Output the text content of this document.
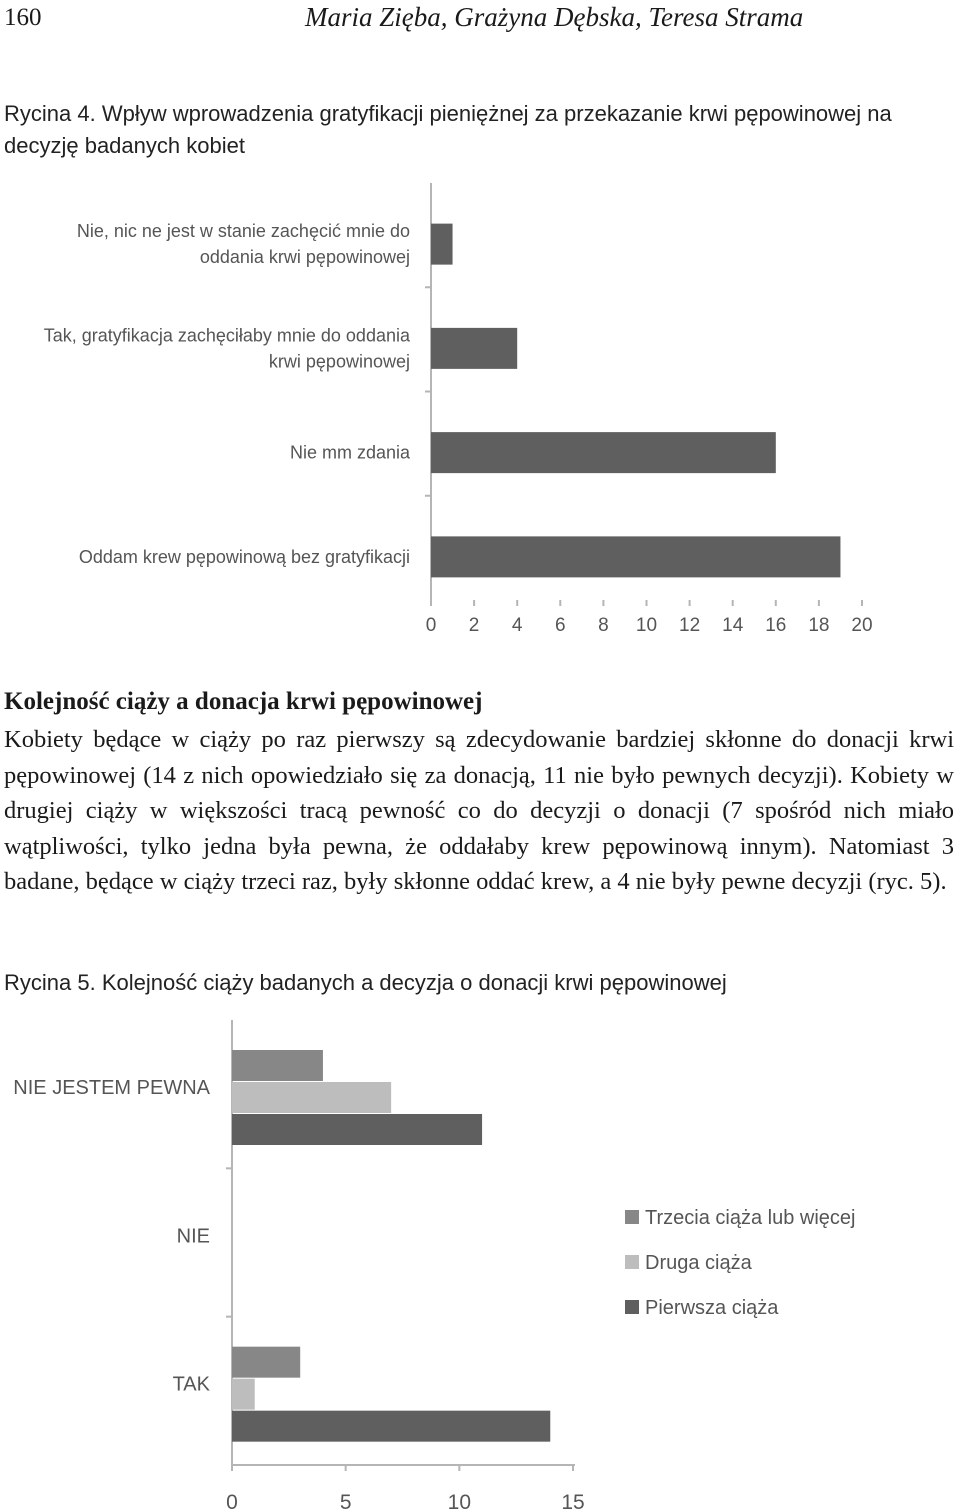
160	Maria Zięba, Grażyna Dębska, Teresa Strama
Rycina 4. Wpływ wprowadzenia gratyfikacji pieniężnej za przekazanie krwi pępowinowej na decyzję badanych kobiet
Nie, nic ne jest w stanie zachęcić mnie do oddania krwi pępowinowej
Tak, gratyfikacja zachęciłaby mnie do oddania krwi pępowinowej
Nie mm zdania
Oddam krew pępowinową bez gratyfikacji
0 2 4 6 8 10 12 14 16 18 20
Kolejność ciąży a donacja krwi pępowinowej
Kobiety będące w ciąży po raz pierwszy są zdecydowanie bardziej skłonne do donacji krwi pępowinowej (14 z nich opowiedziało się za donacją, 11 nie było pewnych decyzji). Kobiety w drugiej ciąży w większości tracą pewność co do decyzji o donacji (7 spośród nich miało wątpliwości, tylko jedna była pewna, że oddałaby krew pępowinową innym). Natomiast 3 badane, będące w ciąży trzeci raz, były skłonne oddać krew, a 4 nie były pewne decyzji (ryc. 5).
Rycina 5. Kolejność ciąży badanych a decyzja o donacji krwi pępowinowej
NIE JESTEM PEWNA
NIE
TAK
0	5	10	15
Trzecia ciąża lub więcej
Druga ciąża
Pierwsza ciąża
